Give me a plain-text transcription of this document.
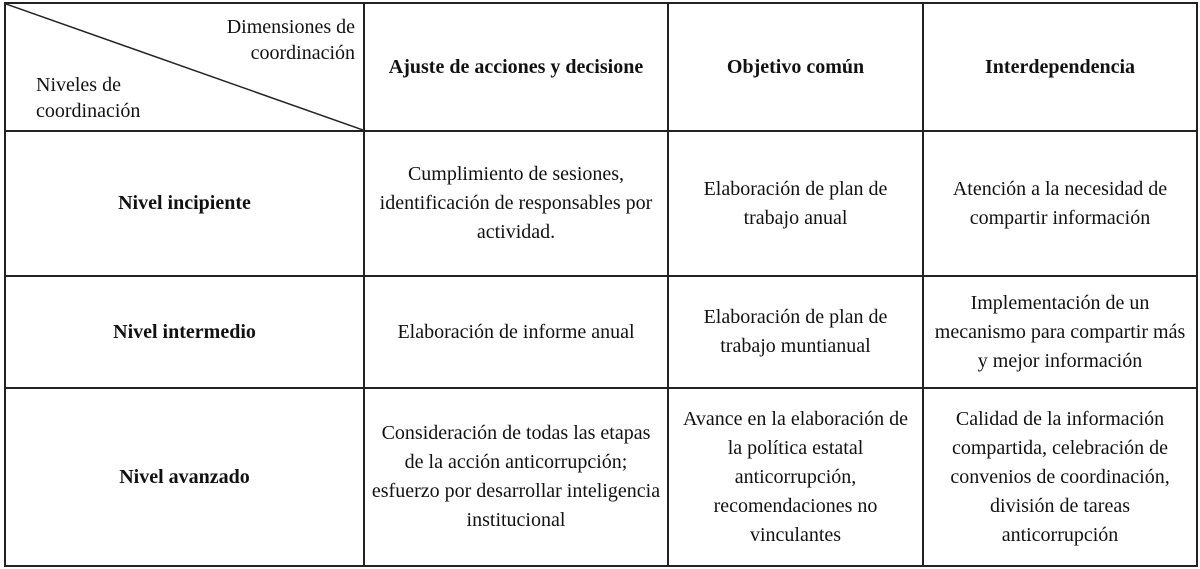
Dimensiones de coordinación
Niveles de coordinación	Ajuste de acciones y decisione	Objetivo común	Interdependencia
Nivel incipiente	Cumplimiento de sesiones, identificación de responsables por actividad.	Elaboración de plan de trabajo anual	Atención a la necesidad de compartir información
Nivel intermedio	Elaboración de informe anual	Elaboración de plan de trabajo muntianual	Implementación de un mecanismo para compartir más y mejor información
Nivel avanzado	Consideración de todas las etapas de la acción anticorrupción; esfuerzo por desarrollar inteligencia institucional	Avance en la elaboración de la política estatal anticorrupción, recomendaciones no vinculantes	Calidad de la información compartida, celebración de convenios de coordinación, división de tareas anticorrupción
